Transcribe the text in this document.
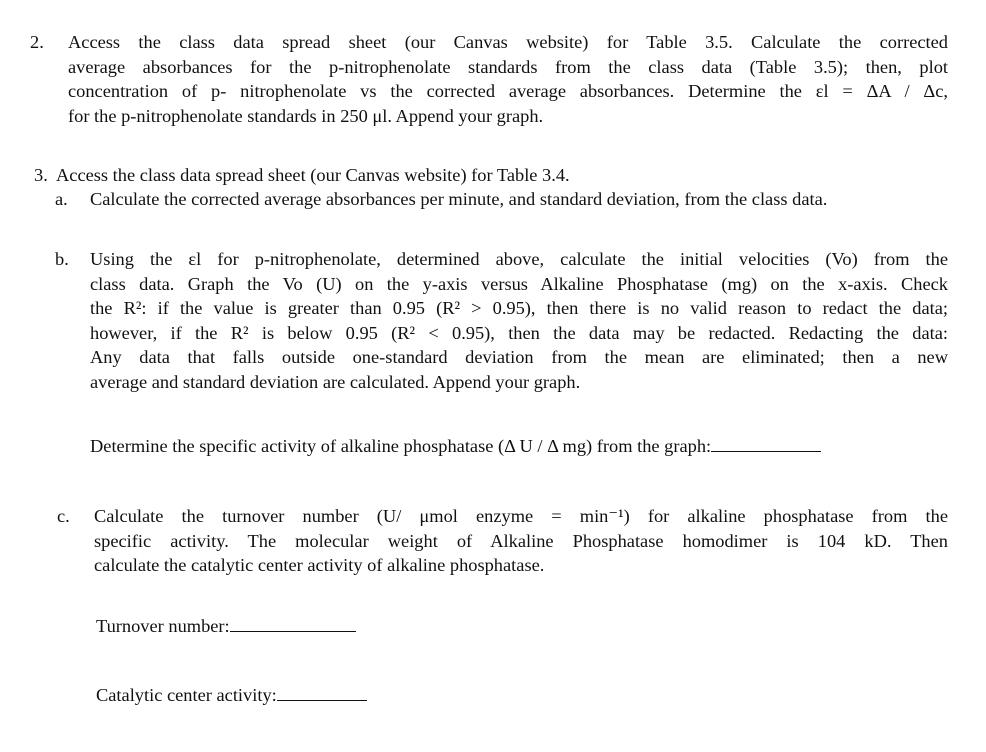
2. Access the class data spread sheet (our Canvas website) for Table 3.5. Calculate the corrected
average absorbances for the p-nitrophenolate standards from the class data (Table 3.5); then, plot
concentration of p- nitrophenolate vs the corrected average absorbances. Determine the εl = ΔA / Δc,
for the p-nitrophenolate standards in 250 μl. Append your graph.
3. Access the class data spread sheet (our Canvas website) for Table 3.4.
a. Calculate the corrected average absorbances per minute, and standard deviation, from the class data.
b. Using the εl for p-nitrophenolate, determined above, calculate the initial velocities (Vo) from the
class data. Graph the Vo (U) on the y-axis versus Alkaline Phosphatase (mg) on the x-axis. Check
the R²: if the value is greater than 0.95 (R² > 0.95), then there is no valid reason to redact the data;
however, if the R² is below 0.95 (R² < 0.95), then the data may be redacted. Redacting the data:
Any data that falls outside one-standard deviation from the mean are eliminated; then a new
average and standard deviation are calculated. Append your graph.
Determine the specific activity of alkaline phosphatase (Δ U / Δ mg) from the graph:
c. Calculate the turnover number (U/ μmol enzyme = min⁻¹) for alkaline phosphatase from the
specific activity. The molecular weight of Alkaline Phosphatase homodimer is 104 kD. Then
calculate the catalytic center activity of alkaline phosphatase.
Turnover number:
Catalytic center activity:
